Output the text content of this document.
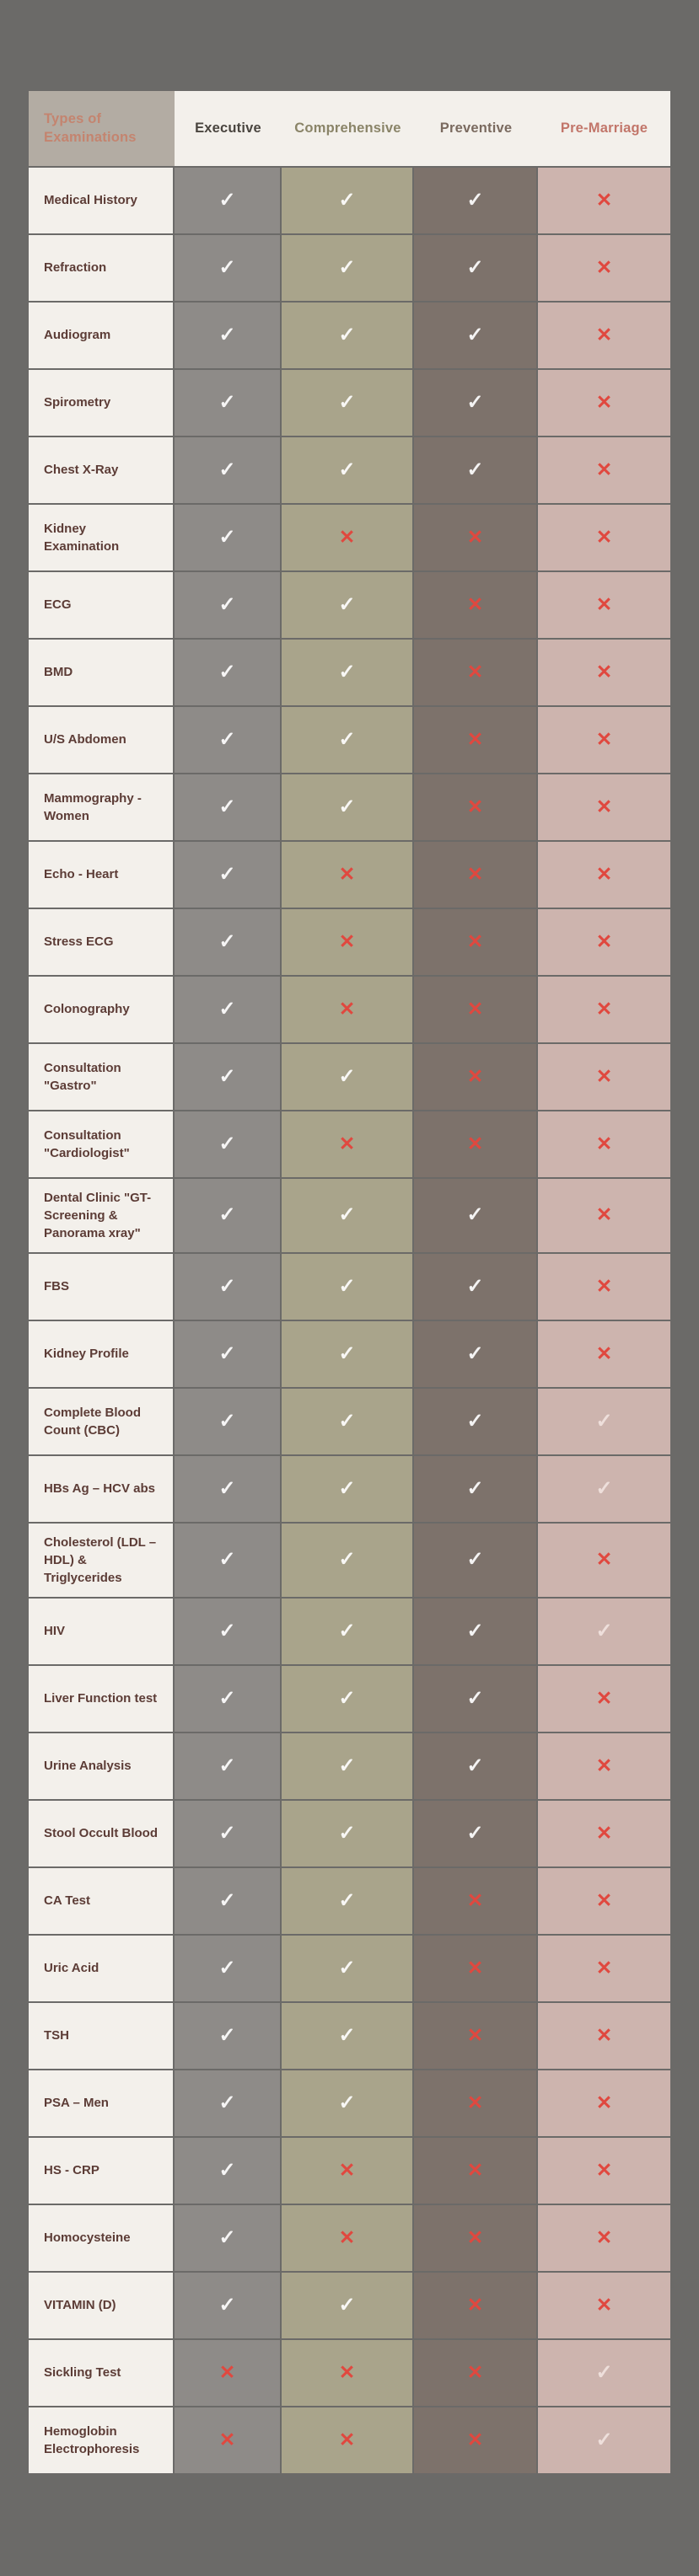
Types of Examinations	Executive	Comprehensive	Preventive	Pre-Marriage
Medical History	✓	✓	✓	✕
Refraction	✓	✓	✓	✕
Audiogram	✓	✓	✓	✕
Spirometry	✓	✓	✓	✕
Chest X-Ray	✓	✓	✓	✕
Kidney Examination	✓	✕	✕	✕
ECG	✓	✓	✕	✕
BMD	✓	✓	✕	✕
U/S Abdomen	✓	✓	✕	✕
Mammography - Women	✓	✓	✕	✕
Echo - Heart	✓	✕	✕	✕
Stress ECG	✓	✕	✕	✕
Colonography	✓	✕	✕	✕
Consultation "Gastro"	✓	✓	✕	✕
Consultation "Cardiologist"	✓	✕	✕	✕
Dental Clinic "GT- Screening & Panorama xray"	✓	✓	✓	✕
FBS	✓	✓	✓	✕
Kidney Profile	✓	✓	✓	✕
Complete Blood Count (CBC)	✓	✓	✓	✓
HBs Ag – HCV abs	✓	✓	✓	✓
Cholesterol (LDL – HDL) & Triglycerides	✓	✓	✓	✕
HIV	✓	✓	✓	✓
Liver Function test	✓	✓	✓	✕
Urine Analysis	✓	✓	✓	✕
Stool Occult Blood	✓	✓	✓	✕
CA Test	✓	✓	✕	✕
Uric Acid	✓	✓	✕	✕
TSH	✓	✓	✕	✕
PSA – Men	✓	✓	✕	✕
HS - CRP	✓	✕	✕	✕
Homocysteine	✓	✕	✕	✕
VITAMIN (D)	✓	✓	✕	✕
Sickling Test	✕	✕	✕	✓
Hemoglobin Electrophoresis	✕	✕	✕	✓
